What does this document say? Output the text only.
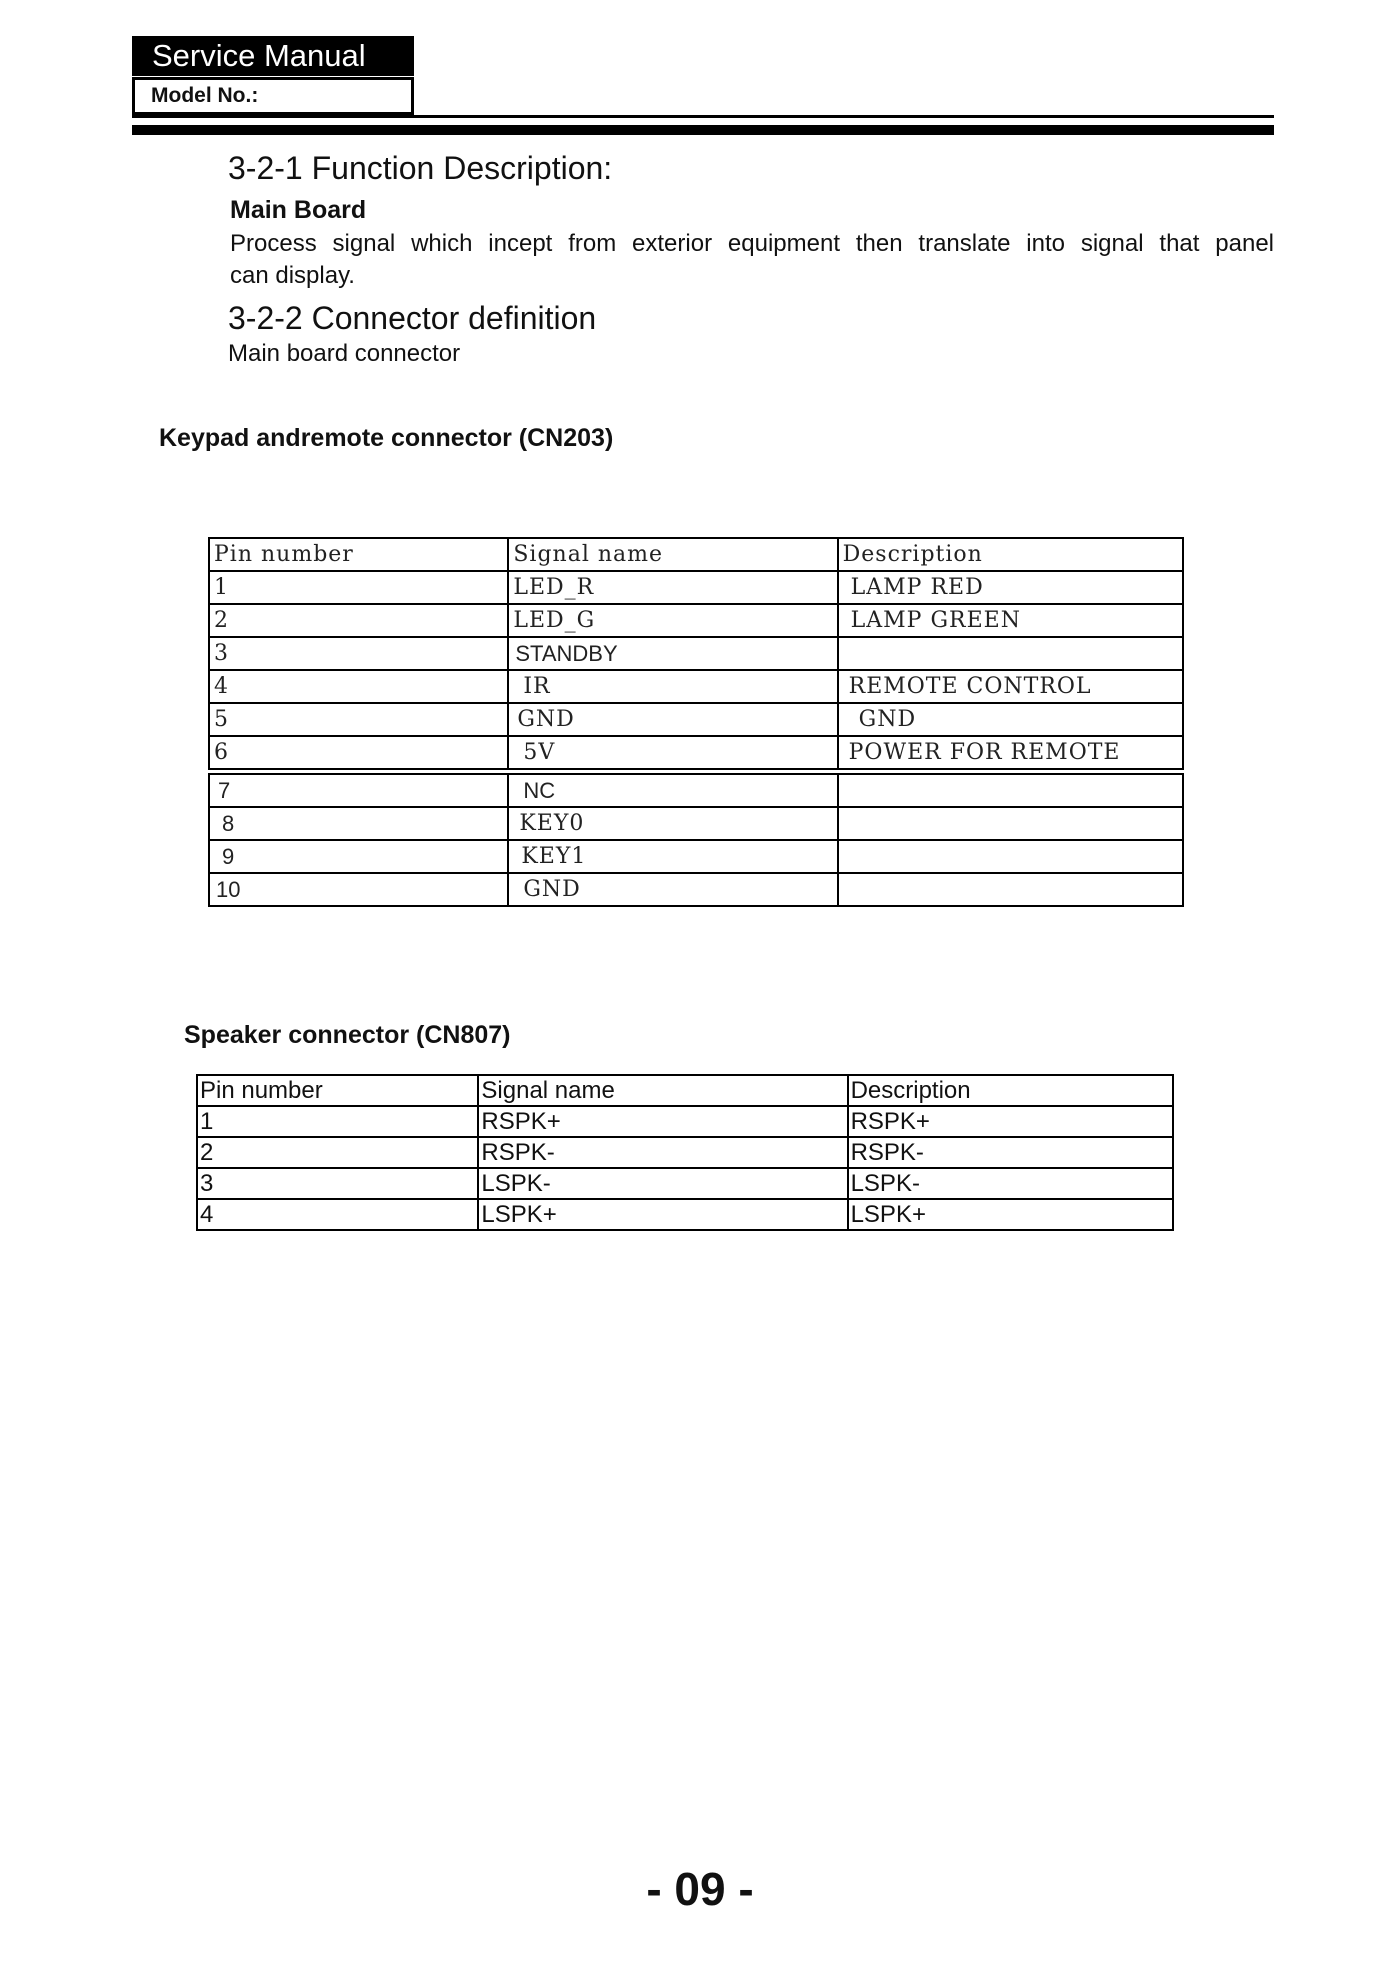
Service Manual
Model No.:
3-2-1 Function Description:
Main Board
Process signal which incept from exterior equipment then translate into signal that panel
can display.
3-2-2 Connector definition
Main board connector
Keypad andremote connector (CN203)
Pin number	Signal name	Description
1	LED_R	LAMP RED
2	LED_G	LAMP GREEN
3	STANDBY	
4	IR	REMOTE CONTROL
5	GND	GND
6	5V	POWER FOR REMOTE

7	NC	
8	KEY0	
9	KEY1	
10	GND	
Speaker connector (CN807)
Pin number	Signal name	Description
1	RSPK+	RSPK+
2	RSPK-	RSPK-
3	LSPK-	LSPK-
4	LSPK+	LSPK+
- 09 -
